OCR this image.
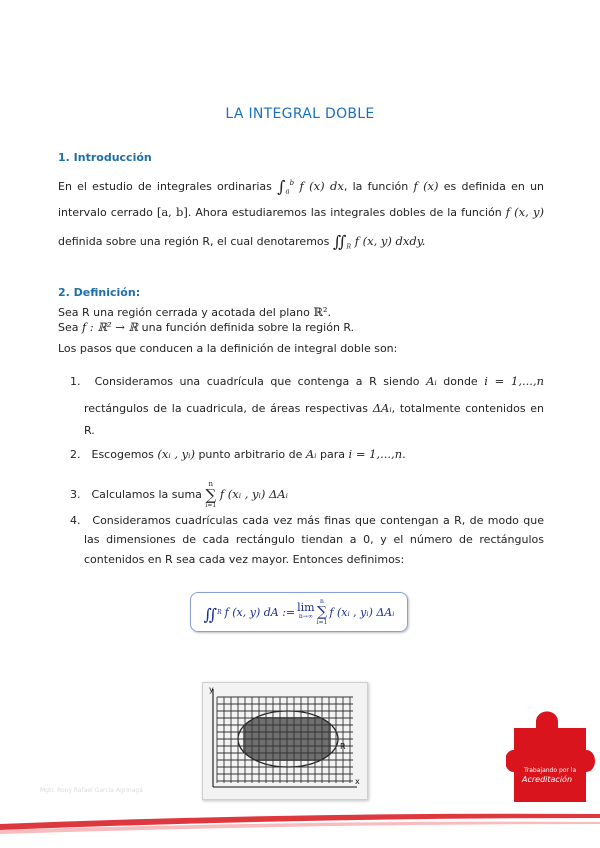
LA INTEGRAL DOBLE
1. Introducción
En el estudio de integrales ordinarias $\int_a^b$ f (x) dx, la función f (x) es definida en un
intervalo cerrado [a, b]. Ahora estudiaremos las integrales dobles de la función f (x, y)
definida sobre una región R, el cual denotaremos $∬_R$ f (x, y) dxdy.
2. Definición:
Sea R una región cerrada y acotada del plano ℝ².
Sea f : ℝ² → ℝ una función definida sobre la región R.
Los pasos que conducen a la definición de integral doble son:
1. Consideramos una cuadrícula que contenga a R siendo Aᵢ donde i = 1,...,n
rectángulos de la cuadricula, de áreas respectivas ΔAᵢ, totalmente contenidos en
R.
2. Escogemos (xᵢ , yᵢ) punto arbitrario de Aᵢ para i = 1,...,n.
3. Calculamos la suma
n
∑
i=1
f (xᵢ , yᵢ) ΔAᵢ
4. Consideramos cuadrículas cada vez más finas que contengan a R, de modo que
las dimensiones de cada rectángulo tiendan a 0, y el número de rectángulos
contenidos en R sea cada vez mayor. Entonces definimos:
∬ R f (x, y) dA := lim
n→∞
n
∑
i=1
f (xᵢ , yᵢ) ΔAᵢ
y
x
R
Mgtr. Rony Rafael García Agrinagá
Trabajando por la
Acreditación
